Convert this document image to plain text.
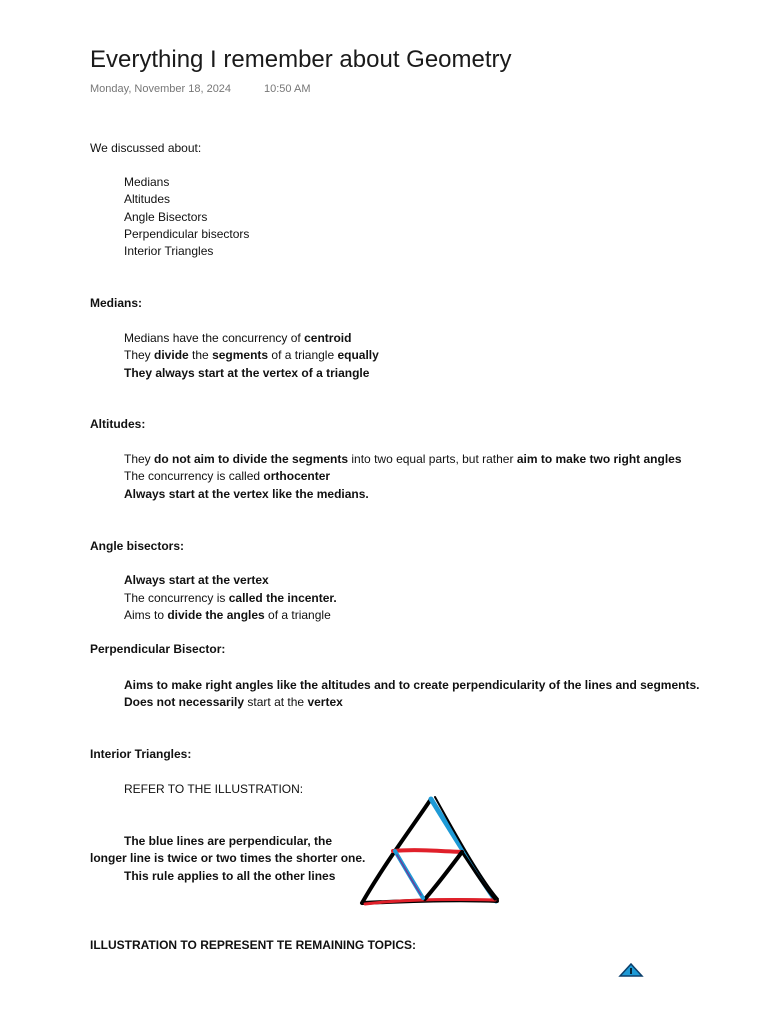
Everything I remember about Geometry
Monday, November 18, 2024	10:50 AM
We discussed about:
Medians
Altitudes
Angle Bisectors
Perpendicular bisectors
Interior Triangles
Medians:
Medians have the concurrency of centroid
They divide the segments of a triangle equally
They always start at the vertex of a triangle
Altitudes:
They do not aim to divide the segments into two equal parts, but rather aim to make two right angles
The concurrency is called orthocenter
Always start at the vertex like the medians.
Angle bisectors:
Always start at the vertex
The concurrency is called the incenter.
Aims to divide the angles of a triangle
Perpendicular Bisector:
Aims to make right angles like the altitudes and to create perpendicularity of the lines and segments.
Does not necessarily start at the vertex
Interior Triangles:
REFER TO THE ILLUSTRATION:
The blue lines are perpendicular, the
longer line is twice or two times the shorter one.
This rule applies to all the other lines
ILLUSTRATION TO REPRESENT TE REMAINING TOPICS:
